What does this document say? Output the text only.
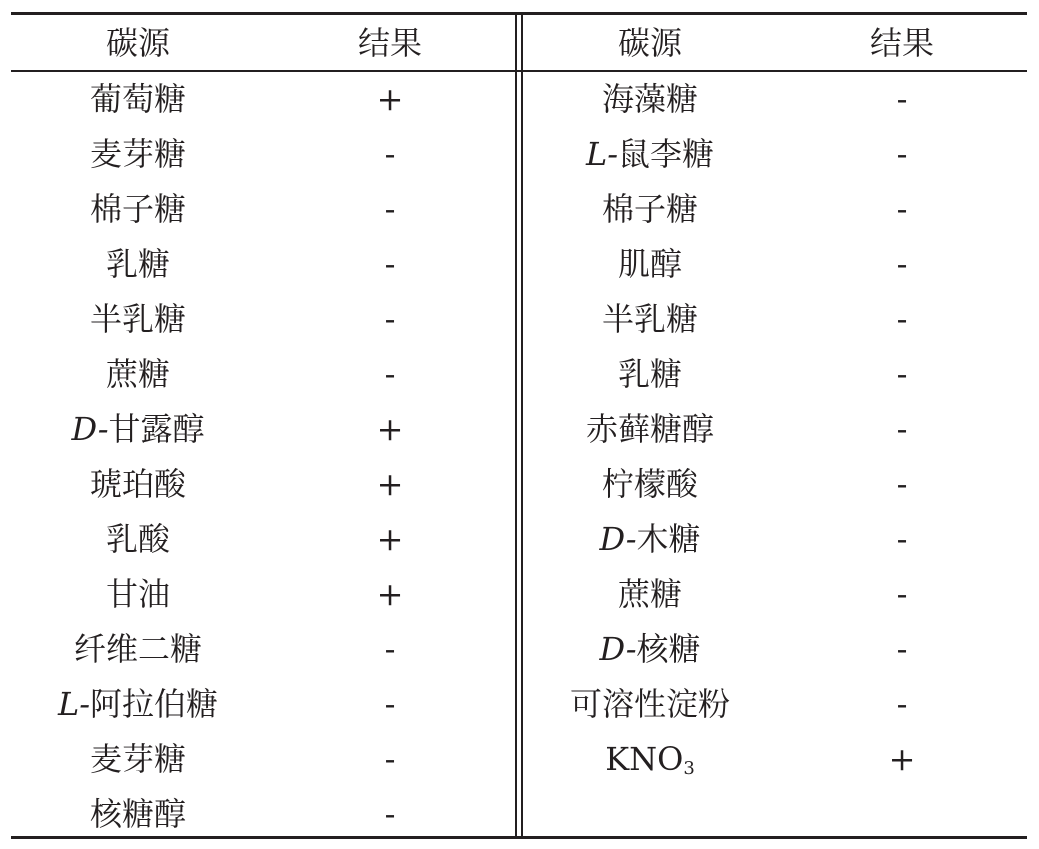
碳源	结果	碳源	结果
葡萄糖	+	海藻糖	-
麦芽糖	-	L-鼠李糖	-
棉子糖	-	棉子糖	-
乳糖	-	肌醇	-
半乳糖	-	半乳糖	-
蔗糖	-	乳糖	-
D-甘露醇	+	赤藓糖醇	-
琥珀酸	+	柠檬酸	-
乳酸	+	D-木糖	-
甘油	+	蔗糖	-
纤维二糖	-	D-核糖	-
L-阿拉伯糖	-	可溶性淀粉	-
麦芽糖	-	$KNO_3$	+
核糖醇	-
